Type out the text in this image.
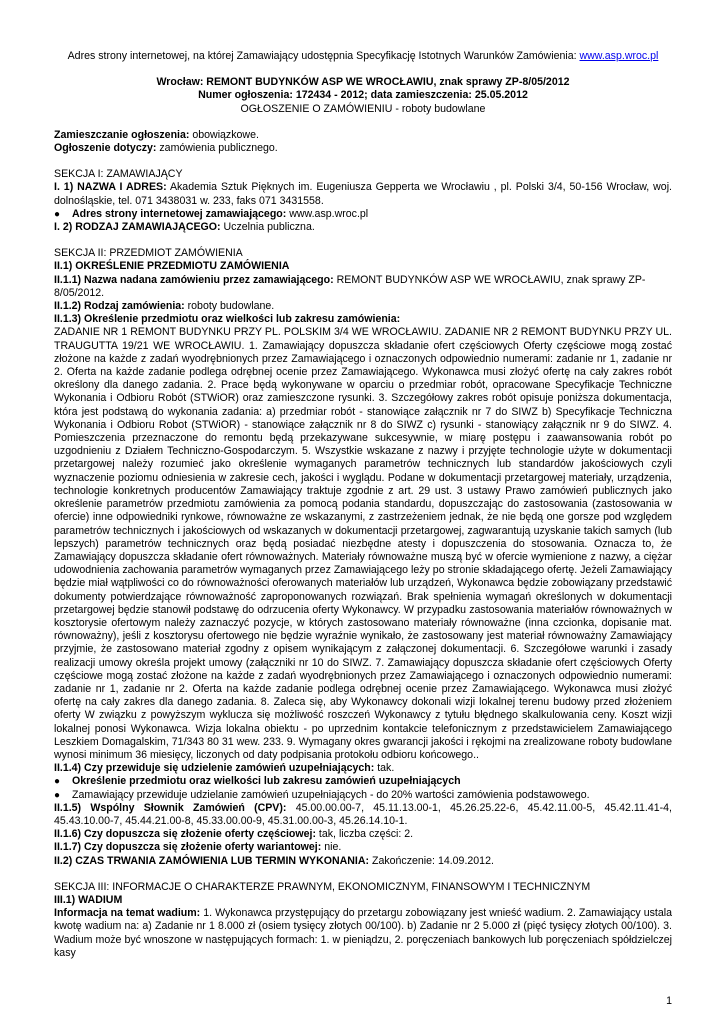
Adres strony internetowej, na której Zamawiający udostępnia Specyfikację Istotnych Warunków Zamówienia: www.asp.wroc.pl

Wrocław: REMONT BUDYNKÓW ASP WE WROCŁAWIU, znak sprawy ZP-8/05/2012

Numer ogłoszenia: 172434 - 2012; data zamieszczenia: 25.05.2012

OGŁOSZENIE O ZAMÓWIENIU - roboty budowlane

Zamieszczanie ogłoszenia: obowiązkowe.

Ogłoszenie dotyczy: zamówienia publicznego.

SEKCJA I: ZAMAWIAJĄCY

I. 1) NAZWA I ADRES: Akademia Sztuk Pięknych im. Eugeniusza Gepperta we Wrocławiu , pl. Polski 3/4, 50-156 Wrocław, woj. dolnośląskie, tel. 071 3438031 w. 233, faks 071 3431558.

●	Adres strony internetowej zamawiającego: www.asp.wroc.pl

I. 2) RODZAJ ZAMAWIAJĄCEGO: Uczelnia publiczna.

SEKCJA II: PRZEDMIOT ZAMÓWIENIA

II.1) OKREŚLENIE PRZEDMIOTU ZAMÓWIENIA

II.1.1) Nazwa nadana zamówieniu przez zamawiającego: REMONT BUDYNKÓW ASP WE WROCŁAWIU, znak sprawy ZP-8/05/2012.

II.1.2) Rodzaj zamówienia: roboty budowlane.

II.1.3) Określenie przedmiotu oraz wielkości lub zakresu zamówienia:

ZADANIE NR 1 REMONT BUDYNKU PRZY PL. POLSKIM 3/4 WE WROCŁAWIU. ZADANIE NR 2 REMONT BUDYNKU PRZY UL. TRAUGUTTA 19/21 WE WROCŁAWIU. 1. Zamawiający dopuszcza składanie ofert częściowych Oferty częściowe mogą zostać złożone na każde z zadań wyodrębnionych przez Zamawiającego i oznaczonych odpowiednio numerami: zadanie nr 1, zadanie nr 2. Oferta na każde zadanie podlega odrębnej ocenie przez Zamawiającego. Wykonawca musi złożyć ofertę na cały zakres robót określony dla danego zadania. 2. Prace będą wykonywane w oparciu o przedmiar robót, opracowane Specyfikacje Techniczne Wykonania i Odbioru Robót (STWiOR) oraz zamieszczone rysunki. 3. Szczegółowy zakres robót opisuje poniższa dokumentacja, która jest podstawą do wykonania zadania: a) przedmiar robót - stanowiące załącznik nr 7 do SIWZ b) Specyfikacje Techniczna Wykonania i Odbioru Robot (STWiOR) - stanowiące załącznik nr 8 do SIWZ c) rysunki - stanowiący załącznik nr 9 do SIWZ. 4. Pomieszczenia przeznaczone do remontu będą przekazywane sukcesywnie, w miarę postępu i zaawansowania robót po uzgodnieniu z Działem Techniczno-Gospodarczym. 5. Wszystkie wskazane z nazwy i przyjęte technologie użyte w dokumentacji przetargowej należy rozumieć jako określenie wymaganych parametrów technicznych lub standardów jakościowych czyli wyznaczenie poziomu odniesienia w zakresie cech, jakości i wyglądu. Podane w dokumentacji przetargowej materiały, urządzenia, technologie konkretnych producentów Zamawiający traktuje zgodnie z art. 29 ust. 3 ustawy Prawo zamówień publicznych jako określenie parametrów przedmiotu zamówienia za pomocą podania standardu, dopuszczając do zastosowania (zastosowania w ofercie) inne odpowiedniki rynkowe, równoważne ze wskazanymi, z zastrzeżeniem jednak, że nie będą one gorsze pod względem parametrów technicznych i jakościowych od wskazanych w dokumentacji przetargowej, zagwarantują uzyskanie takich samych (lub lepszych) parametrów technicznych oraz będą posiadać niezbędne atesty i dopuszczenia do stosowania. Oznacza to, że Zamawiający dopuszcza składanie ofert równoważnych. Materiały równoważne muszą być w ofercie wymienione z nazwy, a ciężar udowodnienia zachowania parametrów wymaganych przez Zamawiającego leży po stronie składającego ofertę. Jeżeli Zamawiający będzie miał wątpliwości co do równoważności oferowanych materiałów lub urządzeń, Wykonawca będzie zobowiązany przedstawić dokumenty potwierdzające równoważność zaproponowanych rozwiązań. Brak spełnienia wymagań określonych w dokumentacji przetargowej będzie stanowił podstawę do odrzucenia oferty Wykonawcy. W przypadku zastosowania materiałów równoważnych w kosztorysie ofertowym należy zaznaczyć pozycje, w których zastosowano materiały równoważne (inna czcionka, dopisanie mat. równoważny), jeśli z kosztorysu ofertowego nie będzie wyraźnie wynikało, że zastosowany jest materiał równoważny Zamawiający przyjmie, że zastosowano materiał zgodny z opisem wynikającym z załączonej dokumentacji. 6. Szczegółowe warunki i zasady realizacji umowy określa projekt umowy (załączniki nr 10 do SIWZ. 7. Zamawiający dopuszcza składanie ofert częściowych Oferty częściowe mogą zostać złożone na każde z zadań wyodrębnionych przez Zamawiającego i oznaczonych odpowiednio numerami: zadanie nr 1, zadanie nr 2. Oferta na każde zadanie podlega odrębnej ocenie przez Zamawiającego. Wykonawca musi złożyć ofertę na cały zakres dla danego zadania. 8. Zaleca się, aby Wykonawcy dokonali wizji lokalnej terenu budowy przed złożeniem oferty W związku z powyższym wyklucza się możliwość roszczeń Wykonawcy z tytułu błędnego skalkulowania ceny. Koszt wizji lokalnej ponosi Wykonawca. Wizja lokalna obiektu - po uprzednim kontakcie telefonicznym z przedstawicielem Zamawiającego Leszkiem Domagalskim, 71/343 80 31 wew. 233. 9. Wymagany okres gwarancji jakości i rękojmi na zrealizowane roboty budowlane wynosi minimum 36 miesięcy, liczonych od daty podpisania protokołu odbioru końcowego..

II.1.4) Czy przewiduje się udzielenie zamówień uzupełniających: tak.

●	Określenie przedmiotu oraz wielkości lub zakresu zamówień uzupełniających

●	Zamawiający przewiduje udzielanie zamówień uzupełniających - do 20% wartości zamówienia podstawowego.

II.1.5) Wspólny Słownik Zamówień (CPV): 45.00.00.00-7, 45.11.13.00-1, 45.26.25.22-6, 45.42.11.00-5, 45.42.11.41-4, 45.43.10.00-7, 45.44.21.00-8, 45.33.00.00-9, 45.31.00.00-3, 45.26.14.10-1.

II.1.6) Czy dopuszcza się złożenie oferty częściowej: tak, liczba części: 2.

II.1.7) Czy dopuszcza się złożenie oferty wariantowej: nie.

II.2) CZAS TRWANIA ZAMÓWIENIA LUB TERMIN WYKONANIA: Zakończenie: 14.09.2012.

SEKCJA III: INFORMACJE O CHARAKTERZE PRAWNYM, EKONOMICZNYM, FINANSOWYM I TECHNICZNYM

III.1) WADIUM

Informacja na temat wadium: 1. Wykonawca przystępujący do przetargu zobowiązany jest wnieść wadium. 2. Zamawiający ustala kwotę wadium na: a) Zadanie nr 1 8.000 zł (osiem tysięcy złotych 00/100). b) Zadanie nr 2 5.000 zł (pięć tysięcy złotych 00/100). 3. Wadium może być wnoszone w następujących formach: 1. w pieniądzu, 2. poręczeniach bankowych lub poręczeniach spółdzielczej kasy

1
